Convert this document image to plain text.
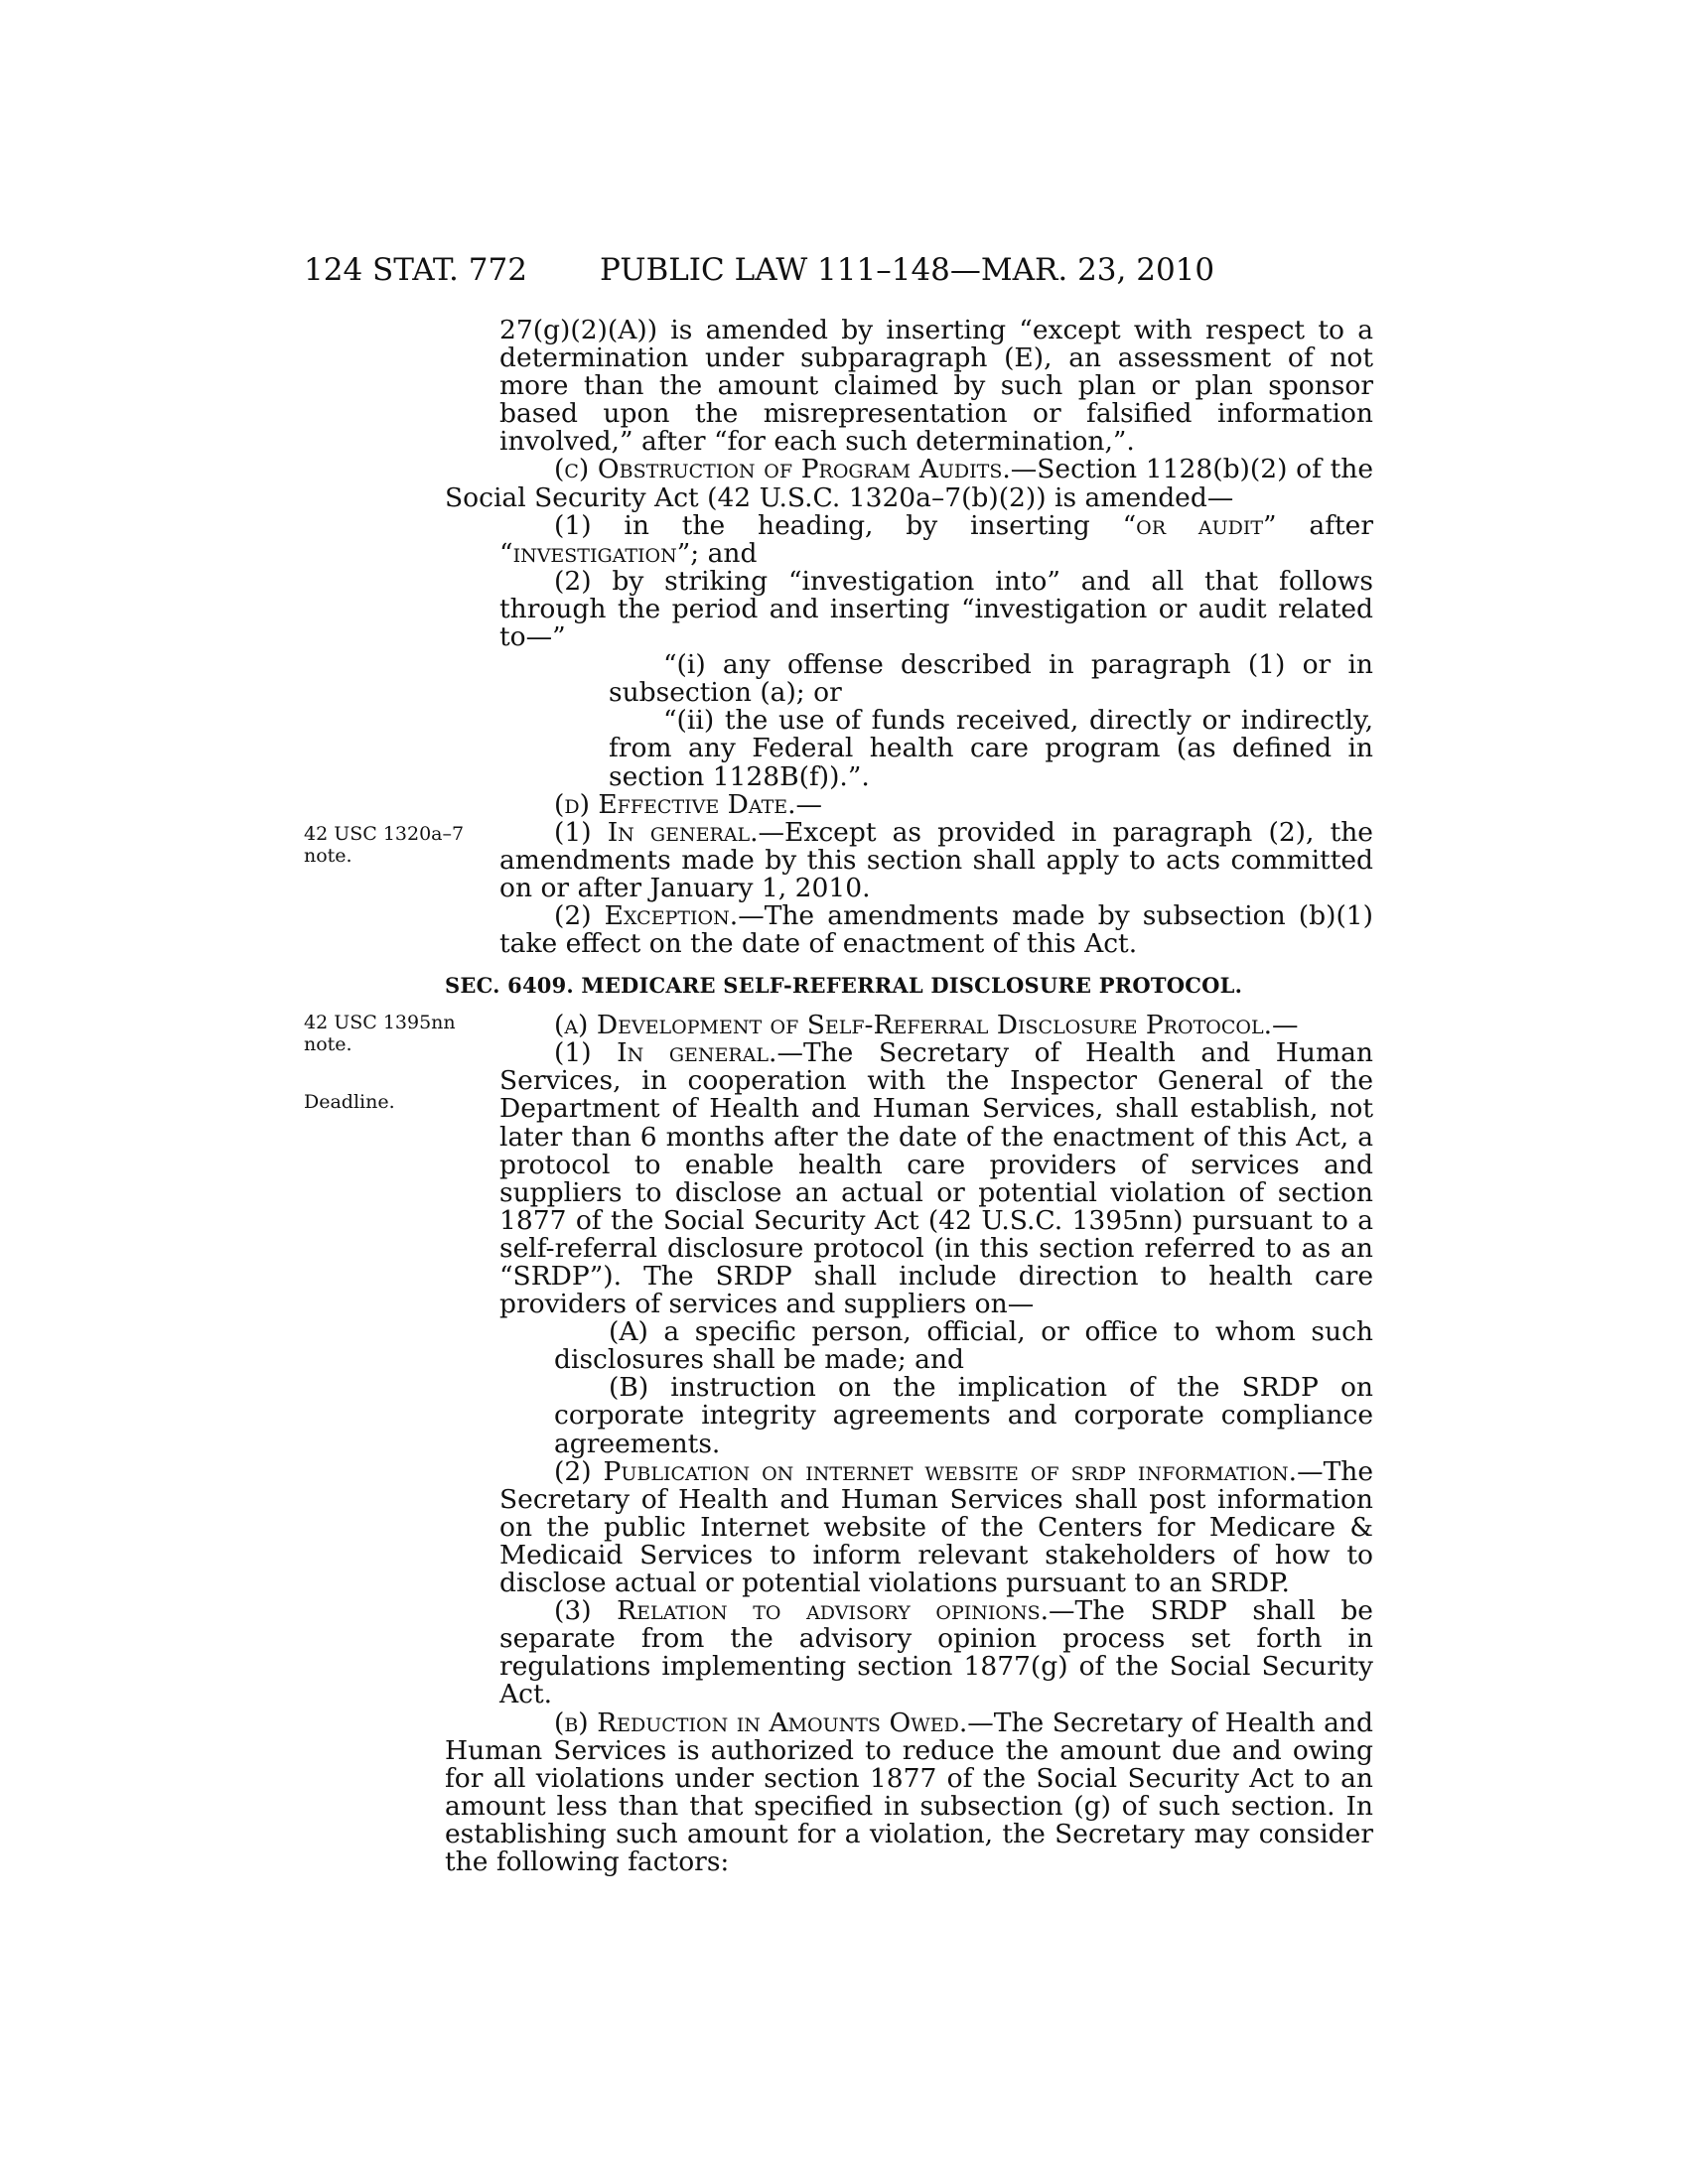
124 STAT. 772 PUBLIC LAW 111–148—MAR. 23, 2010
42 USC 1320a–7
note.
42 USC 1395nn
note.
Deadline.

27(g)(2)(A)) is amended by inserting “except with respect to a determination under subparagraph (E), an assessment of not more than the amount claimed by such plan or plan sponsor based upon the misrepresentation or falsified information involved,” after “for each such determination,”.

(c) Obstruction of Program Audits.—Section 1128(b)(2) of the Social Security Act (42 U.S.C. 1320a–7(b)(2)) is amended—

(1) in the heading, by inserting “or audit” after “investigation”; and

(2) by striking “investigation into” and all that follows through the period and inserting “investigation or audit related to—”

“(i) any offense described in paragraph (1) or in subsection (a); or

“(ii) the use of funds received, directly or indirectly, from any Federal health care program (as defined in section 1128B(f)).”.

(d) Effective Date.—

(1) In general.—Except as provided in paragraph (2), the amendments made by this section shall apply to acts committed on or after January 1, 2010.

(2) Exception.—The amendments made by subsection (b)(1) take effect on the date of enactment of this Act.

SEC. 6409. MEDICARE SELF-REFERRAL DISCLOSURE PROTOCOL.

(a) Development of Self-Referral Disclosure Protocol.—

(1) In general.—The Secretary of Health and Human Services, in cooperation with the Inspector General of the Department of Health and Human Services, shall establish, not later than 6 months after the date of the enactment of this Act, a protocol to enable health care providers of services and suppliers to disclose an actual or potential violation of section 1877 of the Social Security Act (42 U.S.C. 1395nn) pursuant to a self-referral disclosure protocol (in this section referred to as an “SRDP”). The SRDP shall include direction to health care providers of services and suppliers on—

(A) a specific person, official, or office to whom such disclosures shall be made; and

(B) instruction on the implication of the SRDP on corporate integrity agreements and corporate compliance agreements.

(2) Publication on internet website of srdp information.—The Secretary of Health and Human Services shall post information on the public Internet website of the Centers for Medicare & Medicaid Services to inform relevant stakeholders of how to disclose actual or potential violations pursuant to an SRDP.

(3) Relation to advisory opinions.—The SRDP shall be separate from the advisory opinion process set forth in regulations implementing section 1877(g) of the Social Security Act.

(b) Reduction in Amounts Owed.—The Secretary of Health and Human Services is authorized to reduce the amount due and owing for all violations under section 1877 of the Social Security Act to an amount less than that specified in subsection (g) of such section. In establishing such amount for a violation, the Secretary may consider the following factors:
